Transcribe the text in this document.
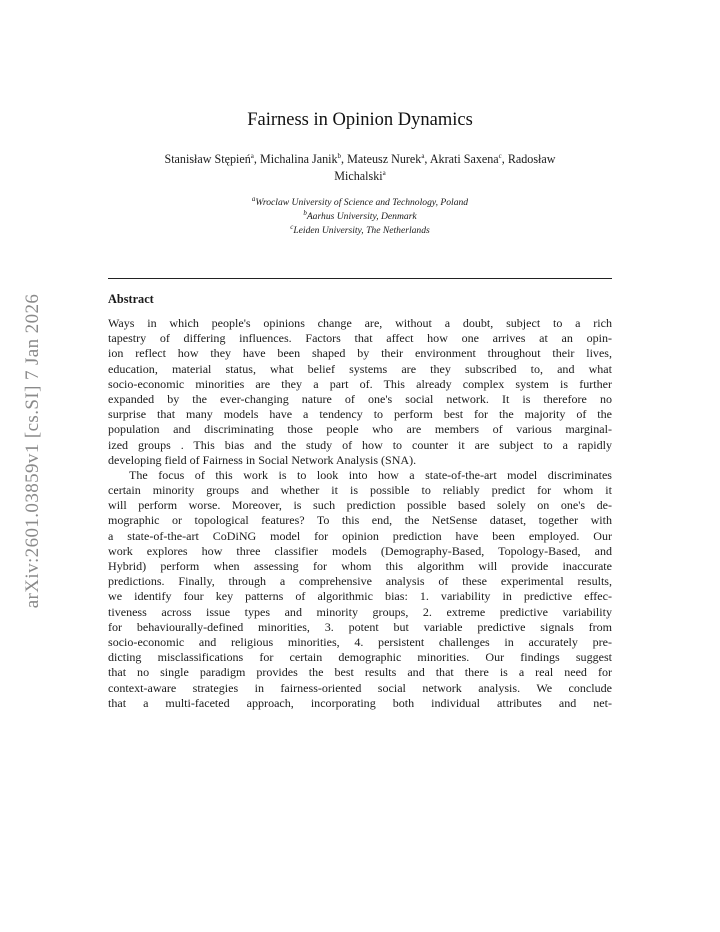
arXiv:2601.03859v1 [cs.SI] 7 Jan 2026
Fairness in Opinion Dynamics
Stanisław Stępień$^a$, Michalina Janik$^b$, Mateusz Nurek$^a$, Akrati Saxena$^c$, Radosław
Michalski$^a$
$^a$Wroclaw University of Science and Technology, Poland
$^b$Aarhus University, Denmark
$^c$Leiden University, The Netherlands
Abstract
Ways in which people's opinions change are, without a doubt, subject to a rich
tapestry of differing influences. Factors that affect how one arrives at an opin-
ion reflect how they have been shaped by their environment throughout their lives,
education, material status, what belief systems are they subscribed to, and what
socio-economic minorities are they a part of. This already complex system is further
expanded by the ever-changing nature of one's social network. It is therefore no
surprise that many models have a tendency to perform best for the majority of the
population and discriminating those people who are members of various marginal-
ized groups . This bias and the study of how to counter it are subject to a rapidly
developing field of Fairness in Social Network Analysis (SNA).
The focus of this work is to look into how a state-of-the-art model discriminates
certain minority groups and whether it is possible to reliably predict for whom it
will perform worse. Moreover, is such prediction possible based solely on one's de-
mographic or topological features? To this end, the NetSense dataset, together with
a state-of-the-art CoDiNG model for opinion prediction have been employed. Our
work explores how three classifier models (Demography-Based, Topology-Based, and
Hybrid) perform when assessing for whom this algorithm will provide inaccurate
predictions. Finally, through a comprehensive analysis of these experimental results,
we identify four key patterns of algorithmic bias: 1. variability in predictive effec-
tiveness across issue types and minority groups, 2. extreme predictive variability
for behaviourally-defined minorities, 3. potent but variable predictive signals from
socio-economic and religious minorities, 4. persistent challenges in accurately pre-
dicting misclassifications for certain demographic minorities. Our findings suggest
that no single paradigm provides the best results and that there is a real need for
context-aware strategies in fairness-oriented social network analysis. We conclude
that a multi-faceted approach, incorporating both individual attributes and net-
